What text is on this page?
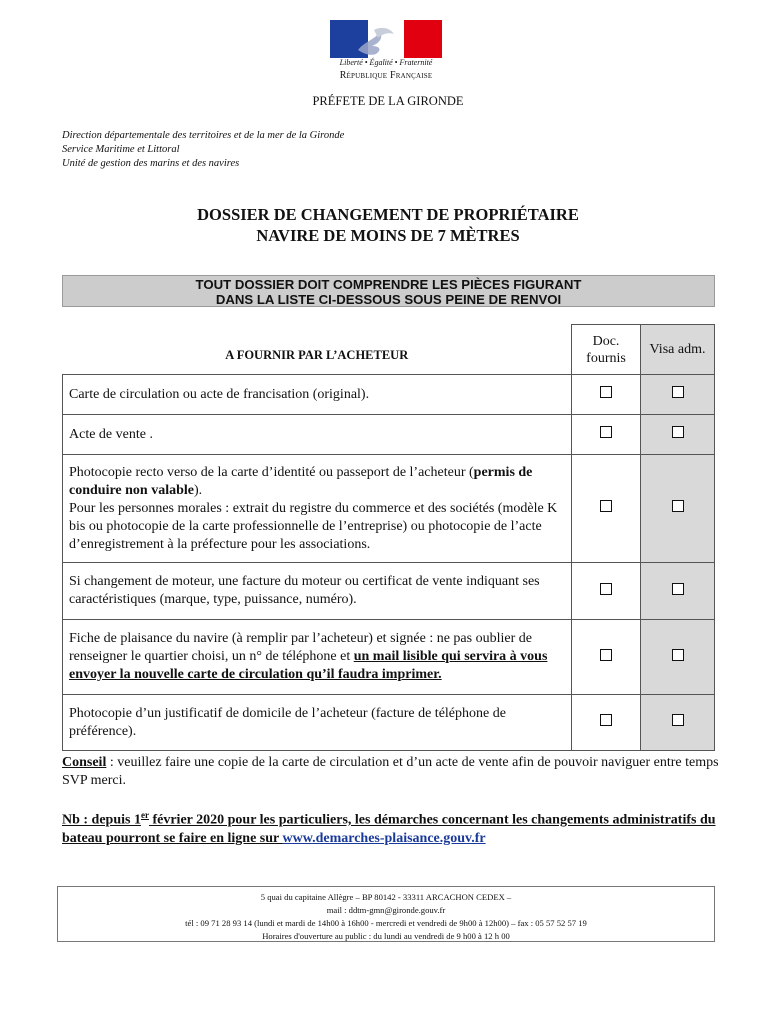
Liberté • Égalité • Fraternité
République Française
PRÉFETE DE LA GIRONDE
Direction départementale des territoires et de la mer de la Gironde
Service Maritime et Littoral
Unité de gestion des marins et des navires
DOSSIER DE CHANGEMENT DE PROPRIÉTAIRE
NAVIRE DE MOINS DE 7 MÈTRES
TOUT DOSSIER DOIT COMPRENDRE LES PIÈCES FIGURANT
DANS LA LISTE CI-DESSOUS SOUS PEINE DE RENVOI
A FOURNIR PAR L’ACHETEUR	Doc. fournis	Visa adm.
Carte de circulation ou acte de francisation (original).		
Acte de vente .		
Photocopie recto verso de la carte d’identité ou passeport de l’acheteur (permis de conduire non valable).
Pour les personnes morales : extrait du registre du commerce et des sociétés (modèle K bis ou photocopie de la carte professionnelle de l’entreprise) ou photocopie de l’acte d’enregistrement à la préfecture pour les associations.		
Si changement de moteur, une facture du moteur ou certificat de vente indiquant ses caractéristiques (marque, type, puissance, numéro).		
Fiche de plaisance du navire (à remplir par l’acheteur) et signée : ne pas oublier de renseigner le quartier choisi, un n° de téléphone et un mail lisible qui servira à vous envoyer la nouvelle carte de circulation qu’il faudra imprimer.		
Photocopie d’un justificatif de domicile de l’acheteur (facture de téléphone de préférence).		
Conseil : veuillez faire une copie de la carte de circulation et d’un acte de vente afin de pouvoir naviguer entre temps SVP merci.
Nb : depuis 1er février 2020 pour les particuliers, les démarches concernant les changements administratifs du bateau pourront se faire en ligne sur www.demarches-plaisance.gouv.fr
5 quai du capitaine Allègre – BP 80142 - 33311 ARCACHON CEDEX –
mail : ddtm-gmn@gironde.gouv.fr
tél : 09 71 28 93 14 (lundi et mardi de 14h00 à 16h00 - mercredi et vendredi de 9h00 à 12h00) – fax : 05 57 52 57 19
Horaires d'ouverture au public : du lundi au vendredi de 9 h00 à 12 h 00
